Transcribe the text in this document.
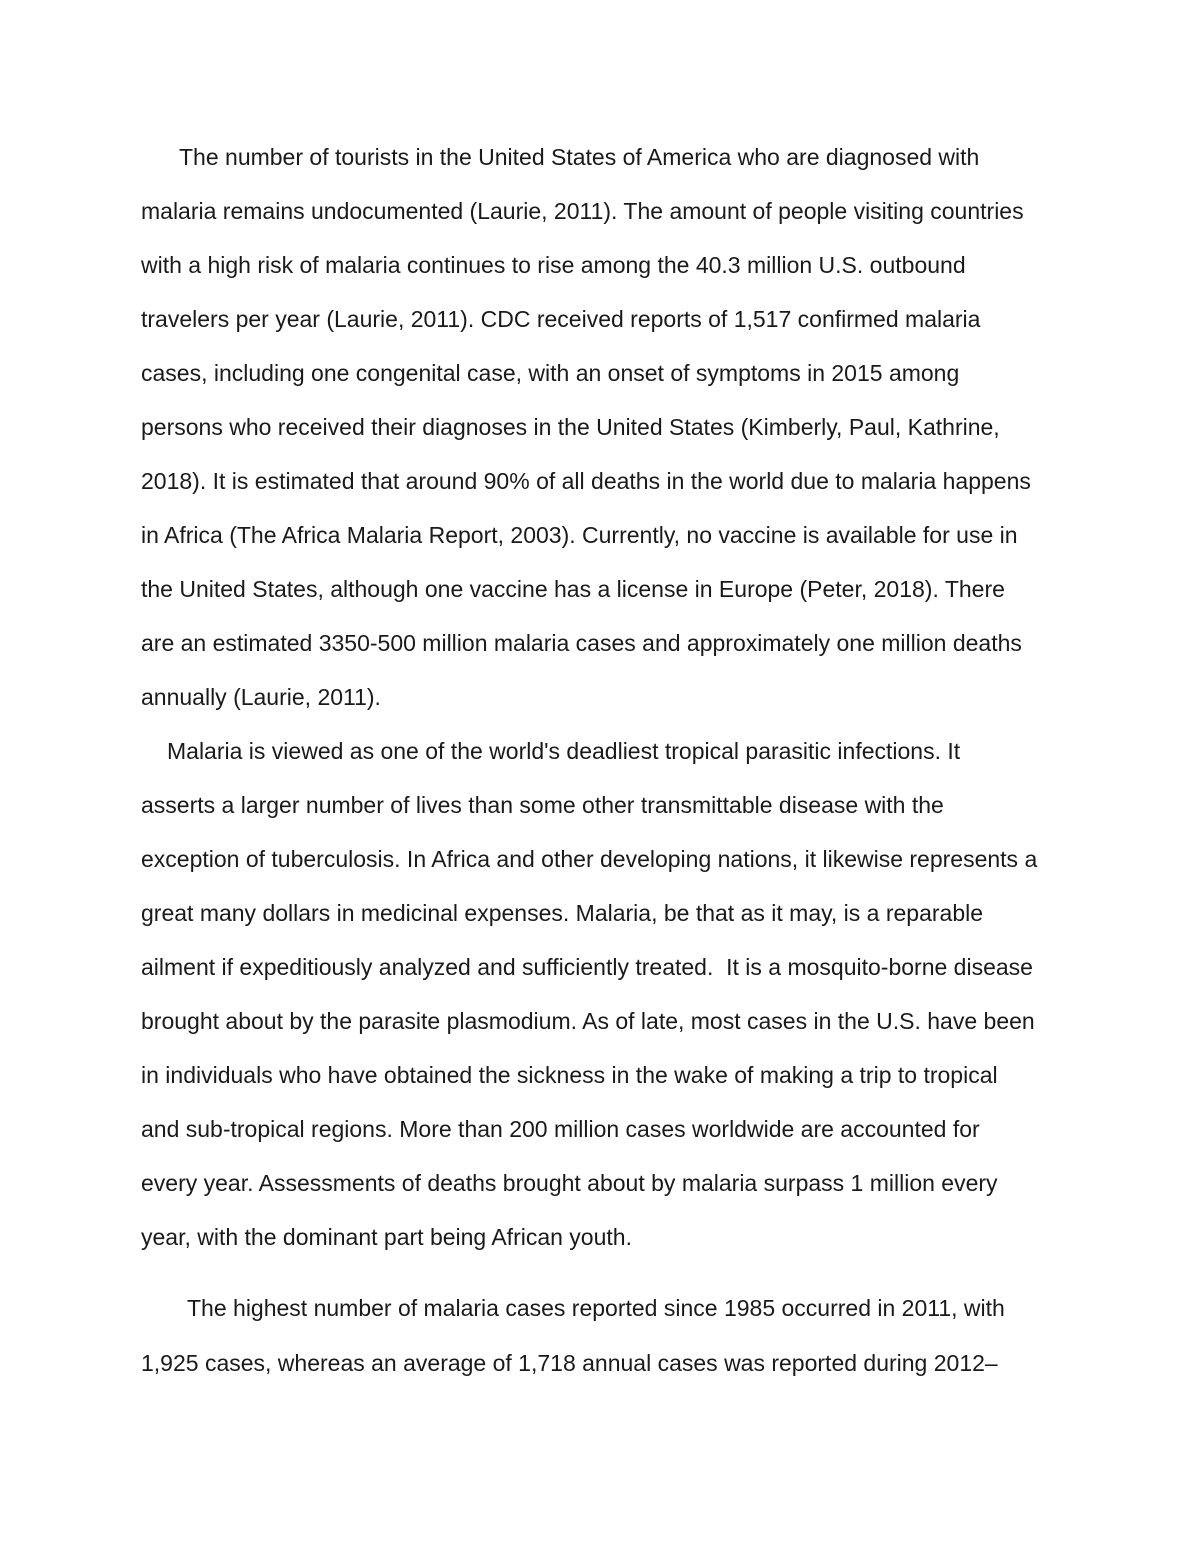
The number of tourists in the United States of America who are diagnosed with

malaria remains undocumented (Laurie, 2011). The amount of people visiting countries

with a high risk of malaria continues to rise among the 40.3 million U.S. outbound

travelers per year (Laurie, 2011). CDC received reports of 1,517 confirmed malaria

cases, including one congenital case, with an onset of symptoms in 2015 among

persons who received their diagnoses in the United States (Kimberly, Paul, Kathrine,

2018). It is estimated that around 90% of all deaths in the world due to malaria happens

in Africa (The Africa Malaria Report, 2003). Currently, no vaccine is available for use in

the United States, although one vaccine has a license in Europe (Peter, 2018). There

are an estimated 3350-500 million malaria cases and approximately one million deaths

annually (Laurie, 2011).

Malaria is viewed as one of the world's deadliest tropical parasitic infections. It

asserts a larger number of lives than some other transmittable disease with the

exception of tuberculosis. In Africa and other developing nations, it likewise represents a

great many dollars in medicinal expenses. Malaria, be that as it may, is a reparable

ailment if expeditiously analyzed and sufficiently treated.  It is a mosquito-borne disease

brought about by the parasite plasmodium. As of late, most cases in the U.S. have been

in individuals who have obtained the sickness in the wake of making a trip to tropical

and sub-tropical regions. More than 200 million cases worldwide are accounted for

every year. Assessments of deaths brought about by malaria surpass 1 million every

year, with the dominant part being African youth.

The highest number of malaria cases reported since 1985 occurred in 2011, with

1,925 cases, whereas an average of 1,718 annual cases was reported during 2012–
